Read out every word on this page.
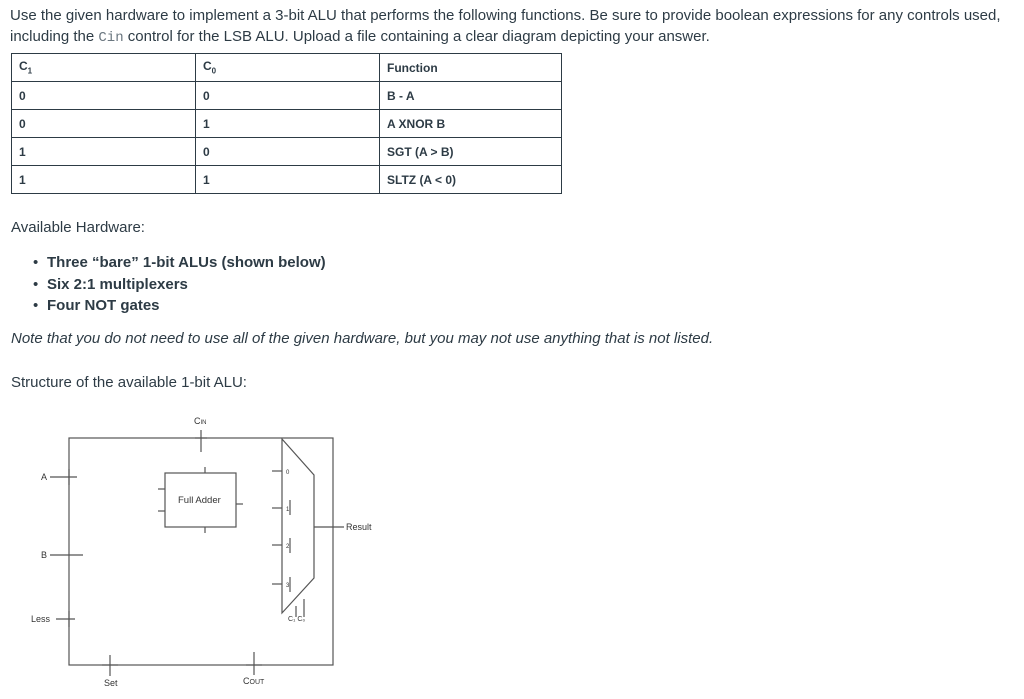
Use the given hardware to implement a 3-bit ALU that performs the following functions. Be sure to provide boolean expressions for any controls used, including the Cin control for the LSB ALU. Upload a file containing a clear diagram depicting your answer.

$C_1$	$C_0$	Function
0	0	B - A
0	1	A XNOR B
1	0	SGT (A > B)
1	1	SLTZ (A < 0)

Available Hardware:

• Three “bare” 1-bit ALUs (shown below)
• Six 2:1 multiplexers
• Four NOT gates

Note that you do not need to use all of the given hardware, but you may not use anything that is not listed.

Structure of the available 1-bit ALU:

CIN
A
B
Less
Full Adder
0
1
2
3
C₁ C₀
Result
Set	COUT
